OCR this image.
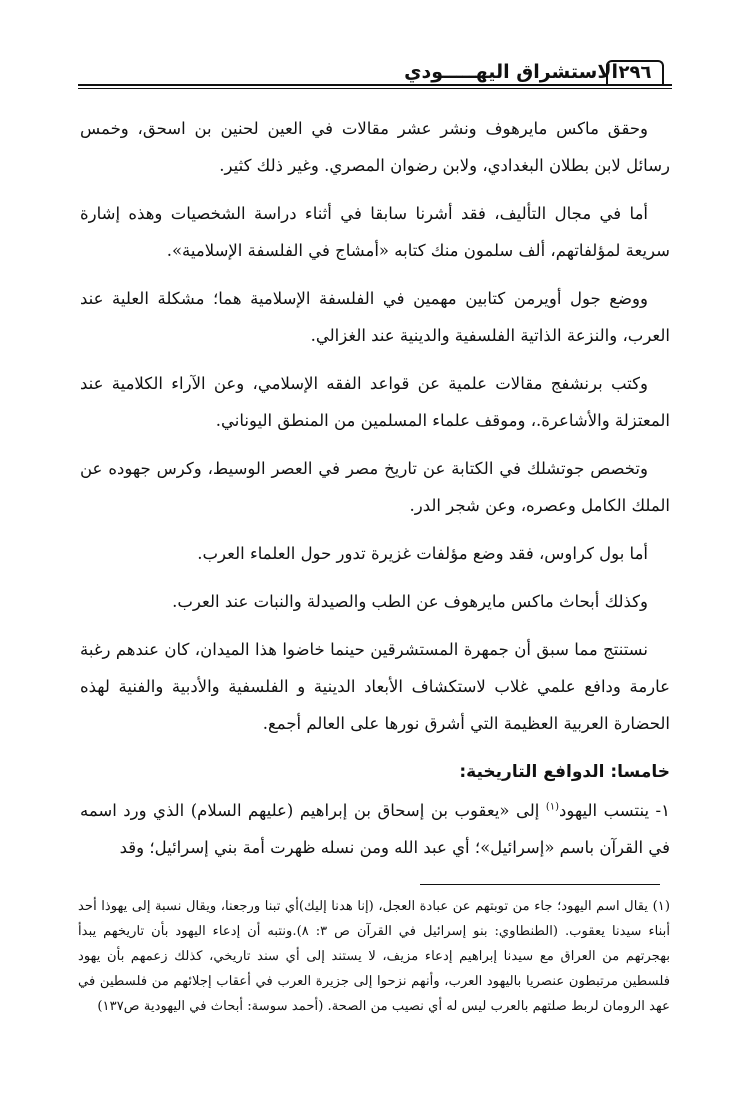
٢٩٦
الاستشراق اليهـــــودي

وحقق ماكس مايرهوف ونشر عشر مقالات في العين لحنين بن اسحق، وخمس رسائل لابن بطلان البغدادي، ولابن رضوان المصري. وغير ذلك كثير.

أما في مجال التأليف، فقد أشرنا سابقا في أثناء دراسة الشخصيات وهذه إشارة سريعة لمؤلفاتهم، ألف سلمون منك كتابه «أمشاج في الفلسفة الإسلامية».

ووضع جول أويرمن كتابين مهمين في الفلسفة الإسلامية هما؛ مشكلة العلية عند العرب، والنزعة الذاتية الفلسفية والدينية عند الغزالي.

وكتب برنشفج مقالات علمية عن قواعد الفقه الإسلامي، وعن الآراء الكلامية عند المعتزلة والأشاعرة.، وموقف علماء المسلمين من المنطق اليوناني.

وتخصص جوتشلك في الكتابة عن تاريخ مصر في العصر الوسيط، وكرس جهوده عن الملك الكامل وعصره، وعن شجر الدر.

أما بول كراوس، فقد وضع مؤلفات غزيرة تدور حول العلماء العرب.

وكذلك أبحاث ماكس مايرهوف عن الطب والصيدلة والنبات عند العرب.

نستنتج مما سبق أن جمهرة المستشرقين حينما خاضوا هذا الميدان، كان عندهم رغبة عارمة ودافع علمي غلاب لاستكشاف الأبعاد الدينية و الفلسفية والأدبية والفنية لهذه الحضارة العربية العظيمة التي أشرق نورها على العالم أجمع.

خامسا: الدوافع التاريخية:

١- ينتسب اليهود$^{(١)}$ إلى «يعقوب بن إسحاق بن إبراهيم (عليهم السلام) الذي ورد اسمه في القرآن باسم «إسرائيل»؛ أي عبد الله ومن نسله ظهرت أمة بني إسرائيل؛ وقد

(١) يقال اسم اليهود؛ جاء من توبتهم عن عبادة العجل، (إنا هدنا إليك)أي تبنا ورجعنا، ويقال نسبة إلى يهوذا أحد أبناء سيدنا يعقوب. (الطنطاوي: بنو إسرائيل في القرآن ص ٣: ٨).ونتبه أن إدعاء اليهود بأن تاريخهم يبدأ بهجرتهم من العراق مع سيدنا إبراهيم إدعاء مزيف، لا يستند إلى أي سند تاريخي، كذلك زعمهم بأن يهود فلسطين مرتبطون عنصريا باليهود العرب، وأنهم نزحوا إلى جزيرة العرب في أعقاب إجلائهم من فلسطين في عهد الرومان لربط صلتهم بالعرب ليس له أي نصيب من الصحة. (أحمد سوسة: أبحاث في اليهودية ص١٣٧)
